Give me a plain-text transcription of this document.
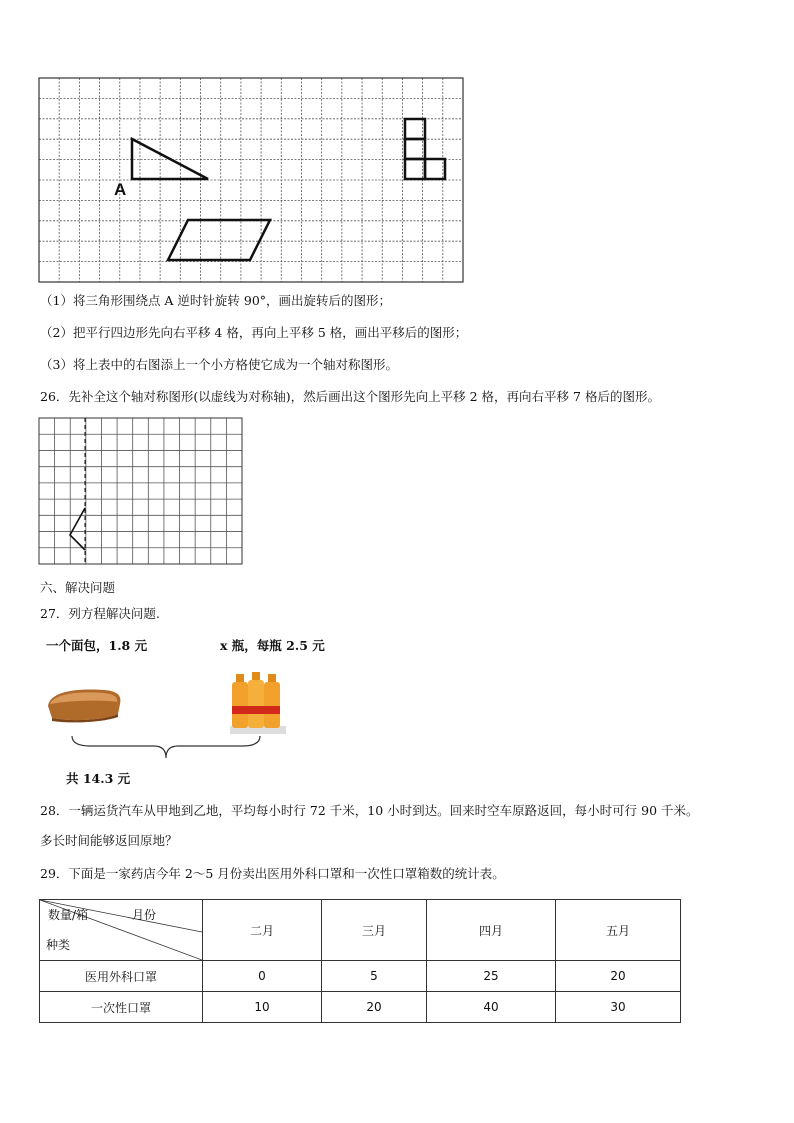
A
（1）将三角形围绕点 A 逆时针旋转 90°，画出旋转后的图形；
（2）把平行四边形先向右平移 4 格，再向上平移 5 格，画出平移后的图形；
（3）将上表中的右图添上一个小方格使它成为一个轴对称图形。
26．先补全这个轴对称图形(以虚线为对称轴)，然后画出这个图形先向上平移 2 格，再向右平移 7 格后的图形。
六、解决问题
27．列方程解决问题.
一个面包，1.8 元	x 瓶，每瓶 2.5 元
共 14.3 元
28．一辆运货汽车从甲地到乙地，平均每小时行 72 千米，10 小时到达。回来时空车原路返回，每小时可行 90 千米。
多长时间能够返回原地？
29．下面是一家药店今年 2～5 月份卖出医用外科口罩和一次性口罩箱数的统计表。
数量/箱 月份
种类	二月	三月	四月	五月
医用外科口罩	0	5	25	20
一次性口罩	10	20	40	30
